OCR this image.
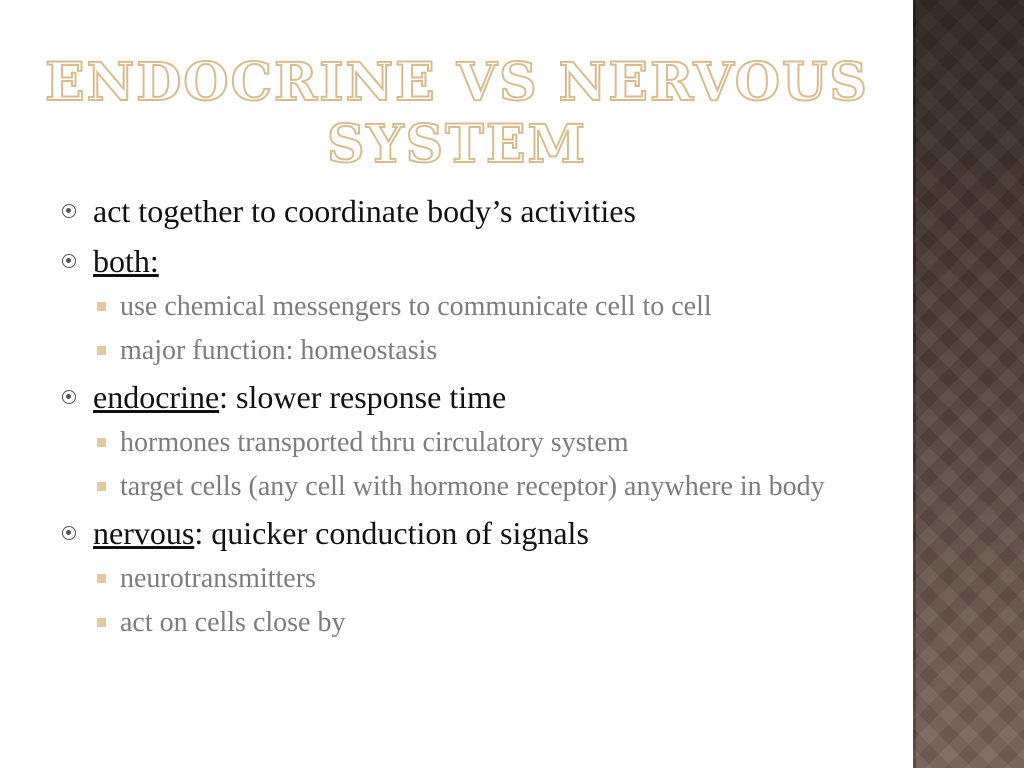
ENDOCRINE VS NERVOUS SYSTEM
act together to coordinate body’s activities
both:
use chemical messengers to communicate cell to cell
major function: homeostasis
endocrine: slower response time
hormones transported thru circulatory system
target cells (any cell with hormone receptor) anywhere in body
nervous: quicker conduction of signals
neurotransmitters
act on cells close by
